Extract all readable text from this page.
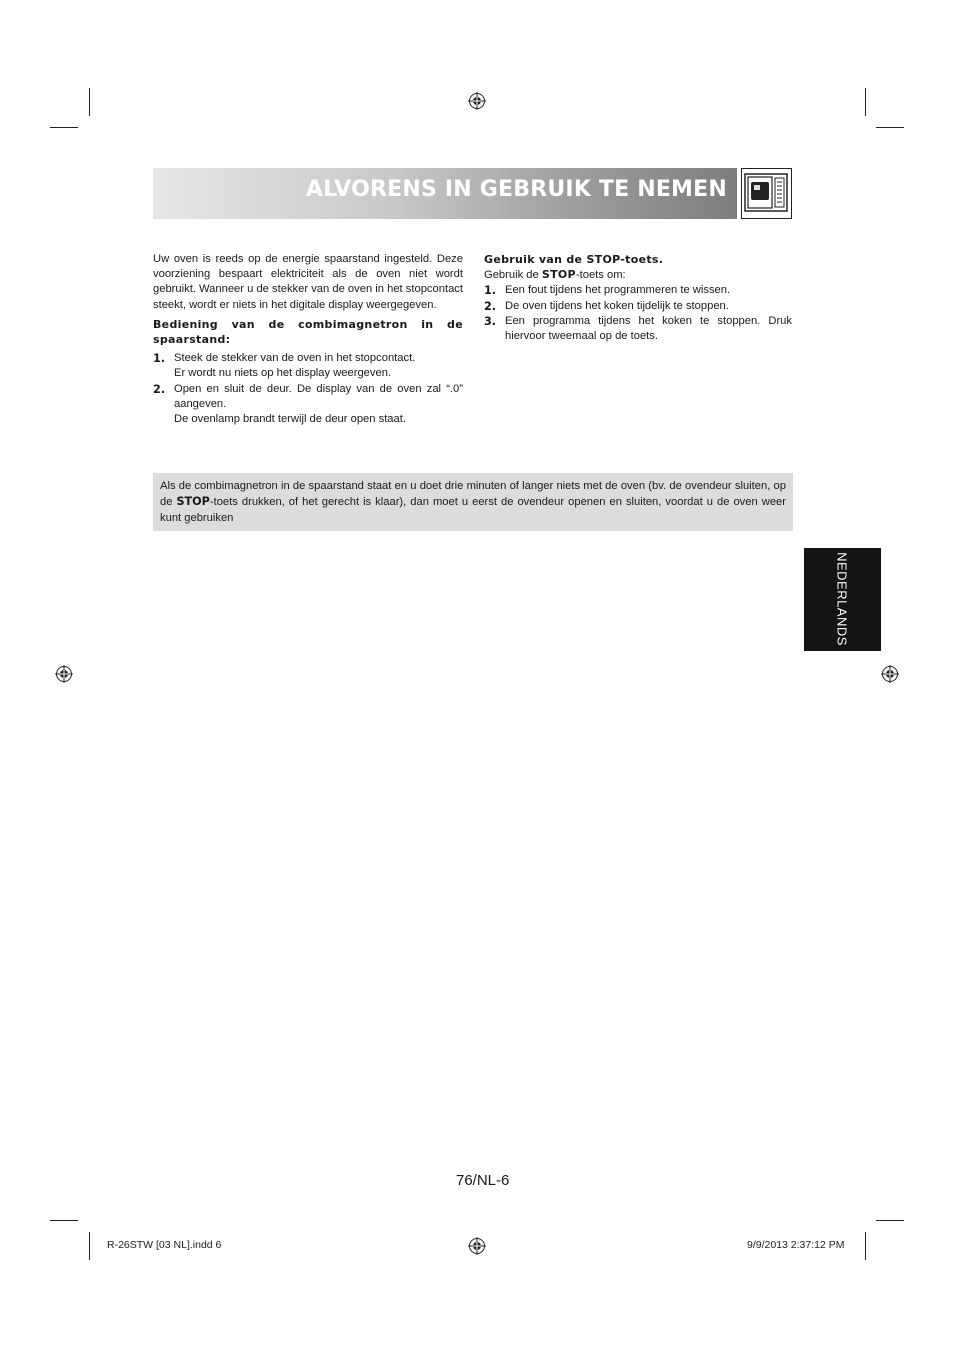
ALVORENS IN GEBRUIK TE NEMEN

Uw oven is reeds op de energie spaarstand ingesteld. Deze voorziening bespaart elektriciteit als de oven niet wordt gebruikt. Wanneer u de stekker van de oven in het stopcontact steekt, wordt er niets in het digitale display weergegeven.

Bediening van de combimagnetron in de spaarstand:

1. Steek de stekker van de oven in het stopcontact.
Er wordt nu niets op het display weergeven.
2. Open en sluit de deur. De display van de oven zal “.0” aangeven.
De ovenlamp brandt terwijl de deur open staat.

Gebruik van de STOP-toets.

Gebruik de STOP-toets om:

1. Een fout tijdens het programmeren te wissen.
2. De oven tijdens het koken tijdelijk te stoppen.
3. Een programma tijdens het koken te stoppen. Druk hiervoor tweemaal op de toets.
Als de combimagnetron in de spaarstand staat en u doet drie minuten of langer niets met de oven (bv. de ovendeur sluiten, op de STOP-toets drukken, of het gerecht is klaar), dan moet u eerst de ovendeur openen en sluiten, voordat u de oven weer kunt gebruiken
NEDERLANDS
76/NL-6
R-26STW [03 NL].indd 6	9/9/2013 2:37:12 PM
